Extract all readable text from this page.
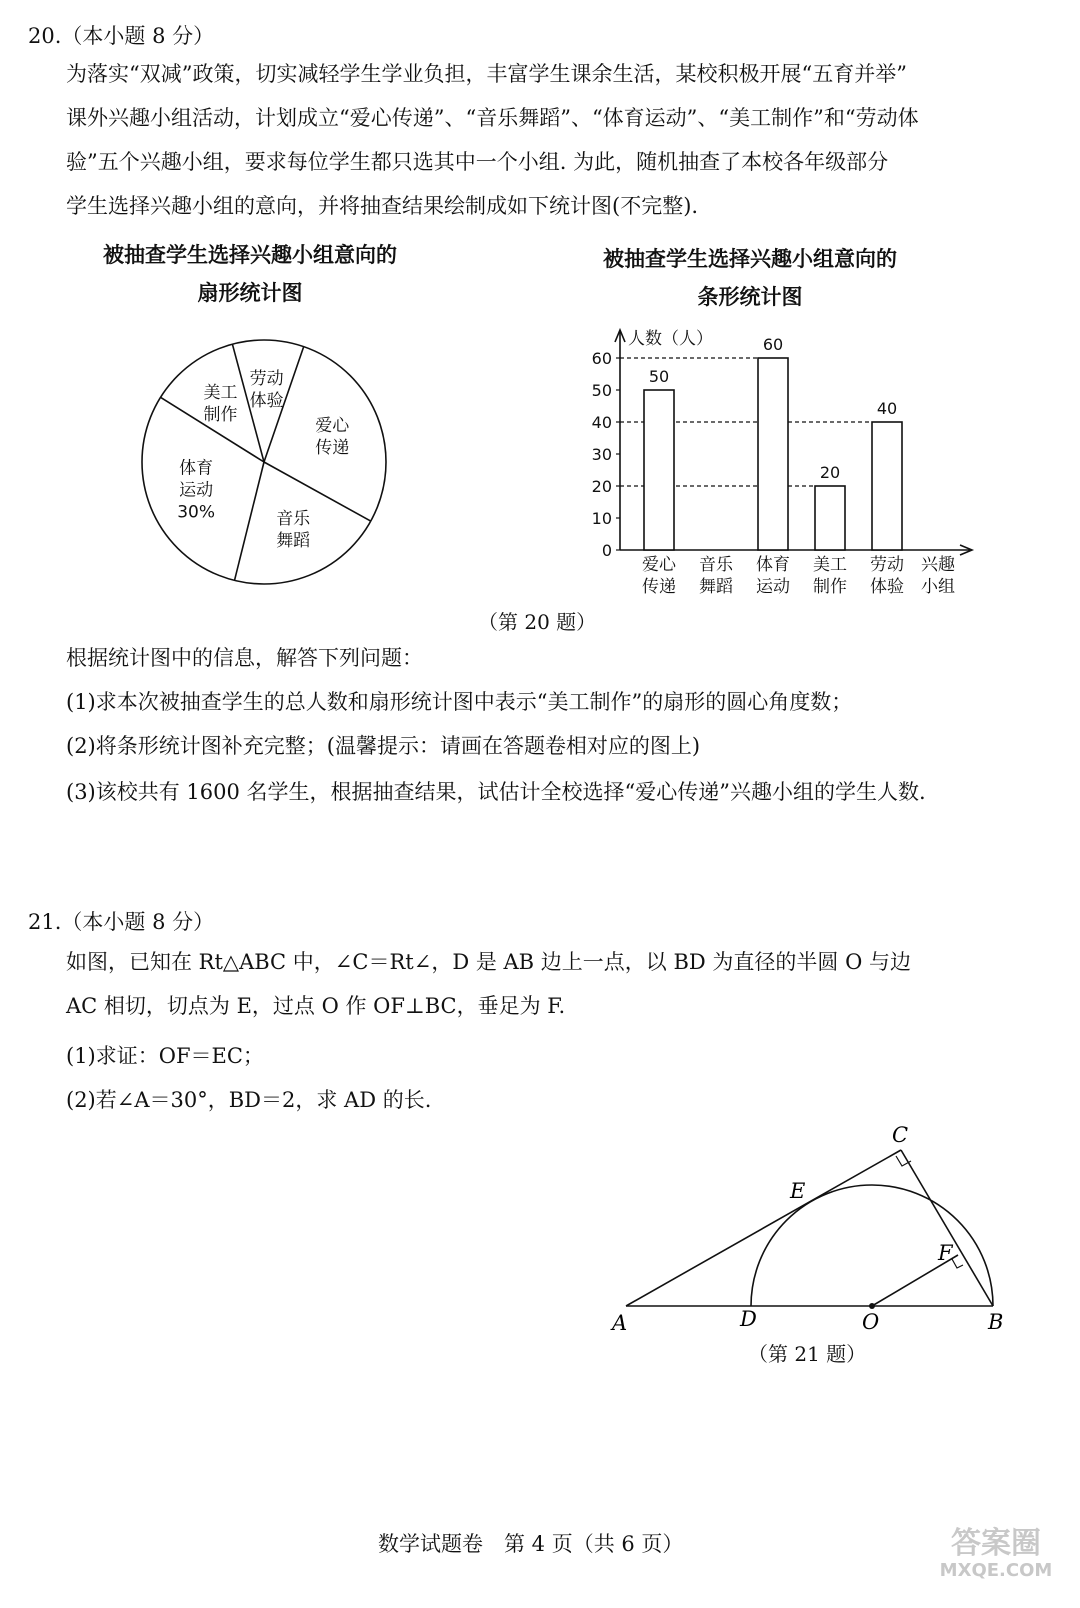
20.（本小题 8 分）
为落实“双减”政策，切实减轻学生学业负担，丰富学生课余生活，某校积极开展“五育并举”
课外兴趣小组活动，计划成立“爱心传递”、“音乐舞蹈”、“体育运动”、“美工制作”和“劳动体
验”五个兴趣小组，要求每位学生都只选其中一个小组. 为此，随机抽查了本校各年级部分
学生选择兴趣小组的意向，并将抽查结果绘制成如下统计图(不完整).
被抽查学生选择兴趣小组意向的
扇形统计图
被抽查学生选择兴趣小组意向的
条形统计图
爱心
传递
音乐
舞蹈
体育
运动
30%
美工
制作
劳动
体验
人数（人）
兴趣
小组
0
10
20
30
40
50
60
50
爱心
传递
音乐
舞蹈
60
体育
运动
20
美工
制作
40
劳动
体验
（第 20 题）
根据统计图中的信息，解答下列问题：
(1)求本次被抽查学生的总人数和扇形统计图中表示“美工制作”的扇形的圆心角度数；
(2)将条形统计图补充完整；(温馨提示：请画在答题卷相对应的图上)
(3)该校共有 1600 名学生，根据抽查结果，试估计全校选择“爱心传递”兴趣小组的学生人数.
21.（本小题 8 分）
如图，已知在 Rt△ABC 中，∠C＝Rt∠，D 是 AB 边上一点，以 BD 为直径的半圆 O 与边
AC 相切，切点为 E，过点 O 作 OF⊥BC，垂足为 F.
(1)求证：OF＝EC；
(2)若∠A＝30°，BD＝2，求 AD 的长.
A	D	O	B
C
E
F
（第 21 题）
数学试题卷　第 4 页（共 6 页）	答案圈
MXQE.COM
